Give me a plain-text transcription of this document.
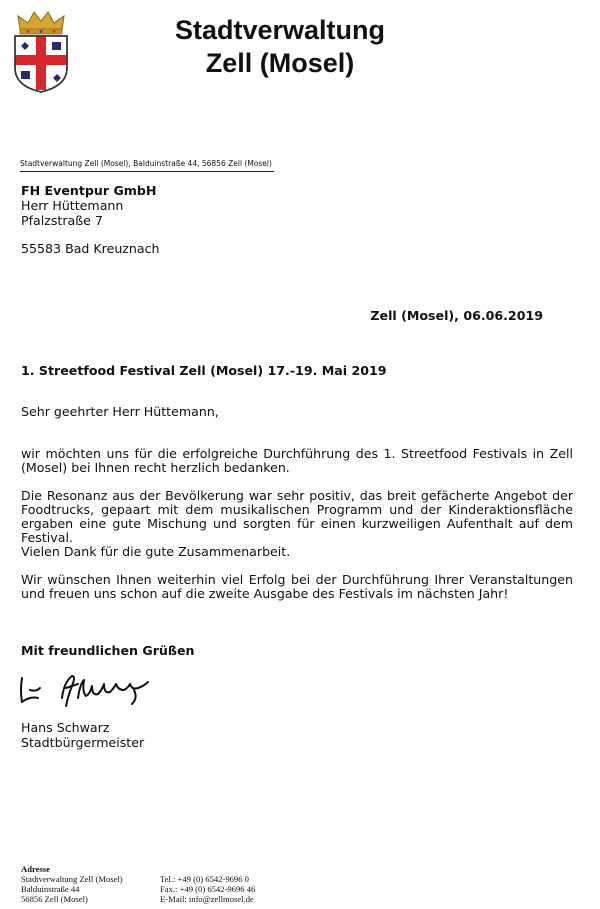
Stadtverwaltung
Zell (Mosel)
Stadtverwaltung Zell (Mosel), Balduinstraße 44, 56856 Zell (Mosel)
FH Eventpur GmbH
Herr Hüttemann
Pfalzstraße 7
55583 Bad Kreuznach
Zell (Mosel), 06.06.2019
1. Streetfood Festival Zell (Mosel) 17.-19. Mai 2019
Sehr geehrter Herr Hüttemann,

wir möchten uns für die erfolgreiche Durchführung des 1. Streetfood Festivals in Zell (Mosel) bei Ihnen recht herzlich bedanken.

Die Resonanz aus der Bevölkerung war sehr positiv, das breit gefächerte Angebot der Foodtrucks, gepaart mit dem musikalischen Programm und der Kinderaktionsfläche ergaben eine gute Mischung und sorgten für einen kurzweiligen Aufenthalt auf dem Festival.

Vielen Dank für die gute Zusammenarbeit.

Wir wünschen Ihnen weiterhin viel Erfolg bei der Durchführung Ihrer Veranstaltungen und freuen uns schon auf die zweite Ausgabe des Festivals im nächsten Jahr!

Mit freundlichen Grüßen
Hans Schwarz
Stadtbürgermeister
Adresse
Stadtverwaltung Zell (Mosel)
Balduinstraße 44
56856 Zell (Mosel)
Tel.: +49 (0) 6542-9696 0
Fax.: +49 (0) 6542-9696 46
E-Mail: info@zellmosel.de
